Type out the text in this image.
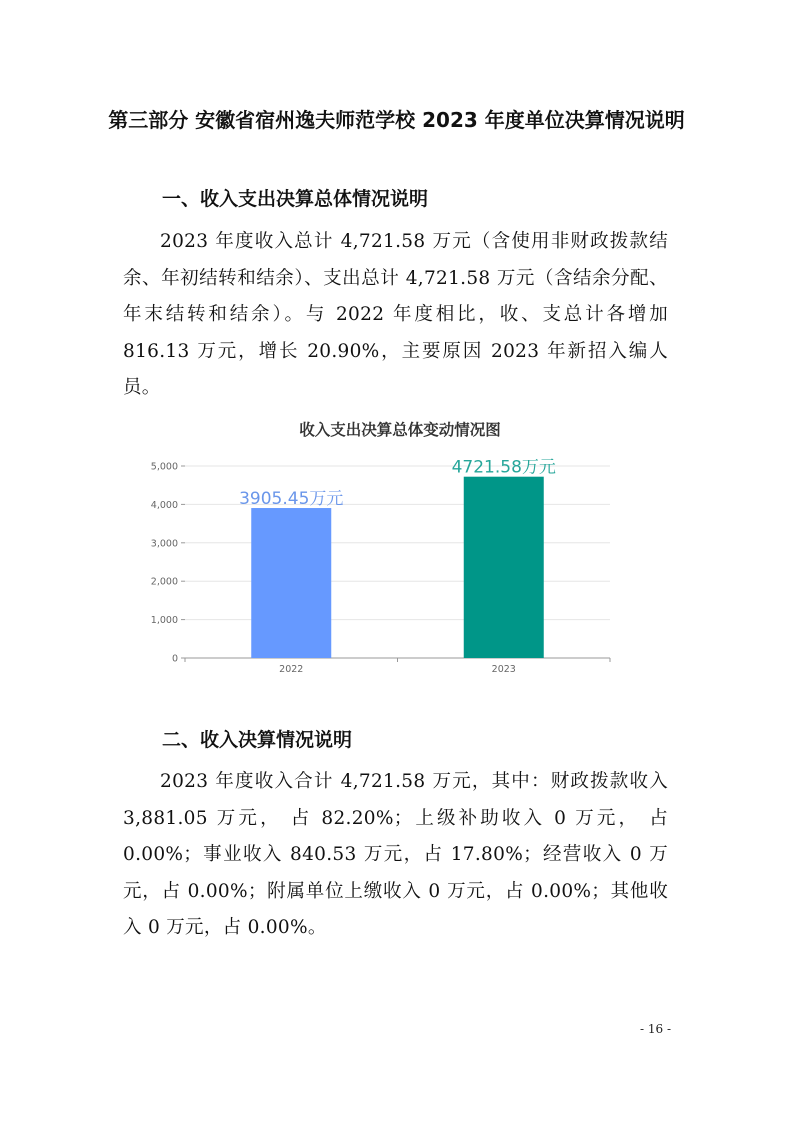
第三部分 安徽省宿州逸夫师范学校 2023 年度单位决算情况说明
一、收入支出决算总体情况说明
2023 年度收入总计 4,721.58 万元（含使用非财政拨款结余、年初结转和结余）、支出总计 4,721.58 万元（含结余分配、年末结转和结余）。与 2022 年度相比，收、支总计各增加 816.13 万元，增长 20.90%，主要原因 2023 年新招入编人员。
收入支出决算总体变动情况图
0
1,000
2,000
3,000
4,000
5,000
3905.45万元
4721.58万元
2022	2023
二、收入决算情况说明
2023 年度收入合计 4,721.58 万元，其中：财政拨款收入 3,881.05 万元， 占 82.20%；上级补助收入 0 万元， 占 0.00%；事业收入 840.53 万元，占 17.80%；经营收入 0 万元，占 0.00%；附属单位上缴收入 0 万元，占 0.00%；其他收入 0 万元，占 0.00%。
- 16 -
